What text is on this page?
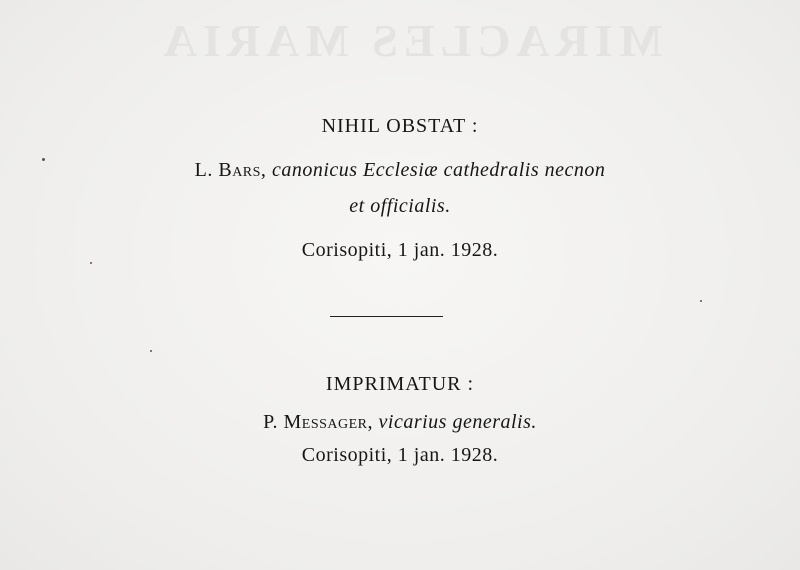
MIRACLES MARIA
NIHIL OBSTAT :
L. Bars, canonicus Ecclesiæ cathedralis necnon
et officialis.
Corisopiti, 1 jan. 1928.
IMPRIMATUR :
P. Messager, vicarius generalis.
Corisopiti, 1 jan. 1928.
